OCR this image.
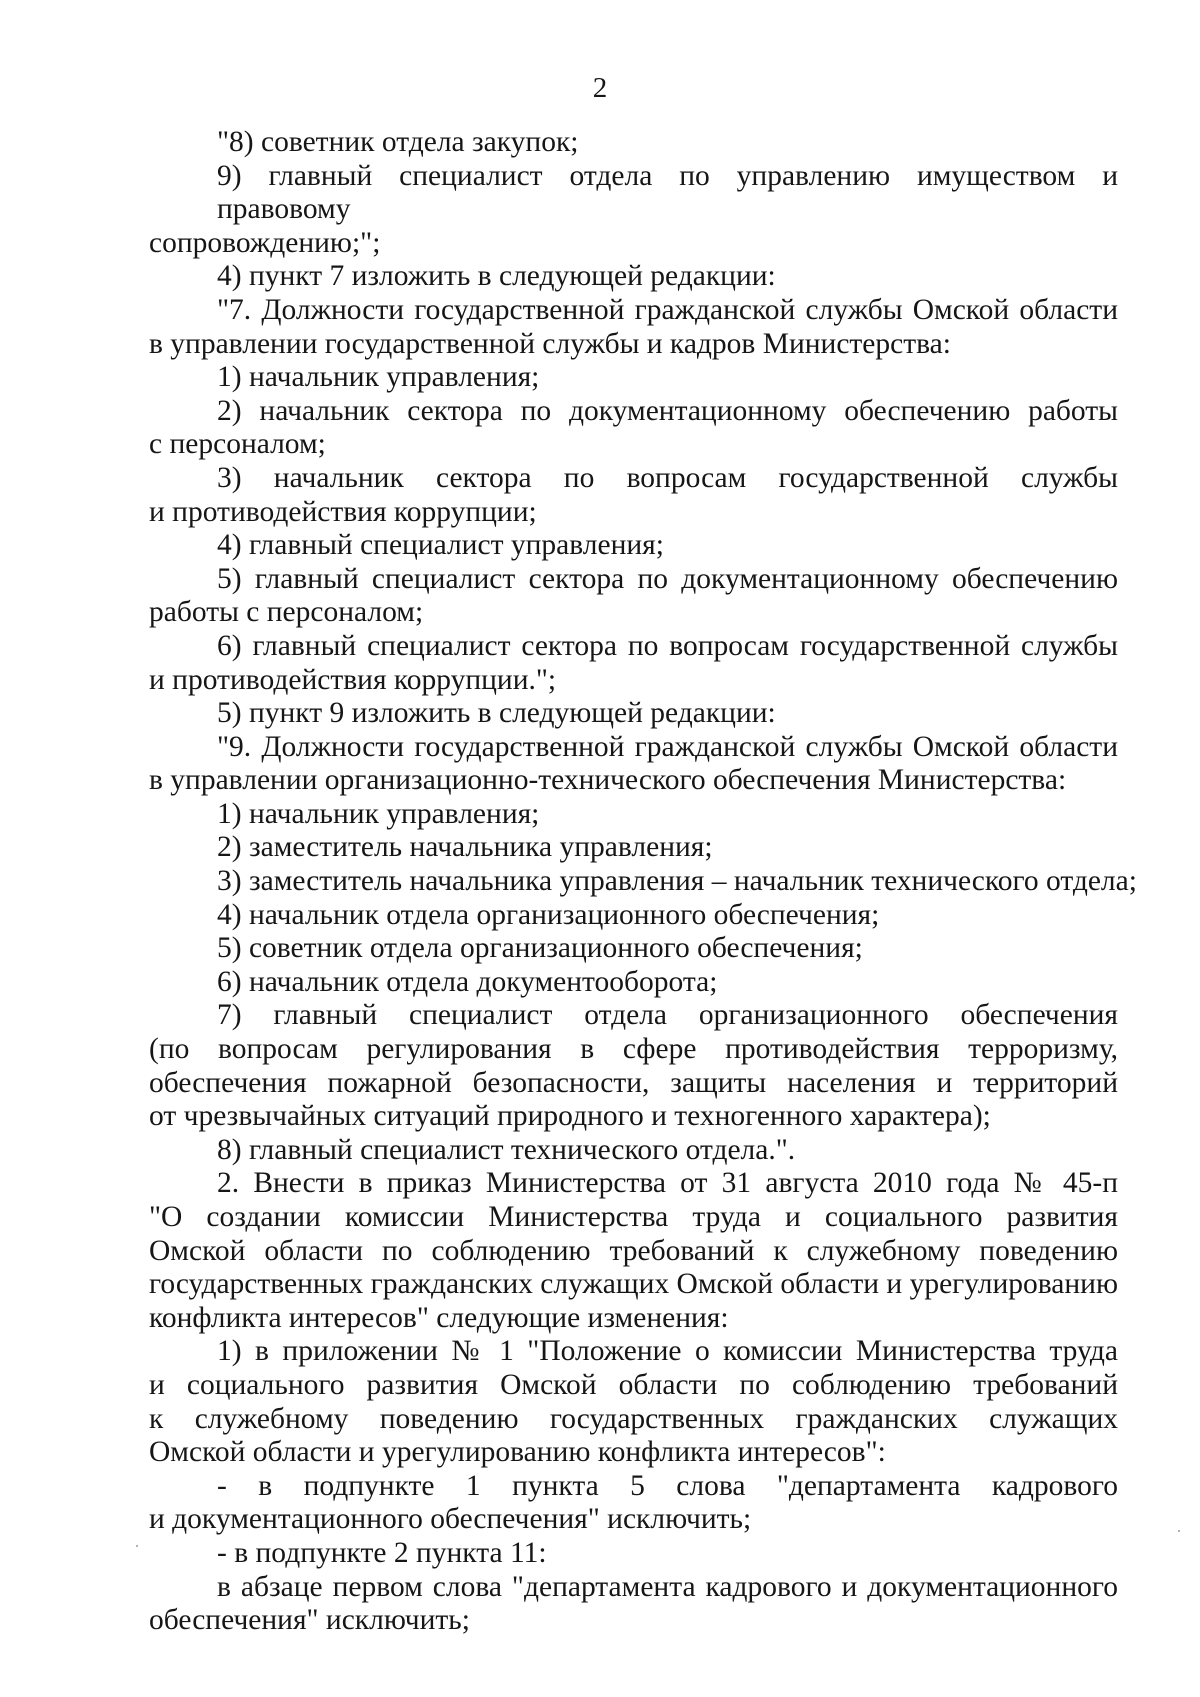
2
"8) советник отдела закупок;
9) главный специалист отдела по управлению имуществом и правовому
сопровождению;";
4) пункт 7 изложить в следующей редакции:
"7. Должности государственной гражданской службы Омской области
в управлении государственной службы и кадров Министерства:
1) начальник управления;
2) начальник сектора по документационному обеспечению работы
с персоналом;
3) начальник сектора по вопросам государственной службы
и противодействия коррупции;
4) главный специалист управления;
5) главный специалист сектора по документационному обеспечению
работы с персоналом;
6) главный специалист сектора по вопросам государственной службы
и противодействия коррупции.";
5) пункт 9 изложить в следующей редакции:
"9. Должности государственной гражданской службы Омской области
в управлении организационно-технического обеспечения Министерства:
1) начальник управления;
2) заместитель начальника управления;
3) заместитель начальника управления – начальник технического отдела;
4) начальник отдела организационного обеспечения;
5) советник отдела организационного обеспечения;
6) начальник отдела документооборота;
7) главный специалист отдела организационного обеспечения
(по вопросам регулирования в сфере противодействия терроризму,
обеспечения пожарной безопасности, защиты населения и территорий
от чрезвычайных ситуаций природного и техногенного характера);
8) главный специалист технического отдела.".
2. Внести в приказ Министерства от 31 августа 2010 года № 45-п
"О создании комиссии Министерства труда и социального развития
Омской области по соблюдению требований к служебному поведению
государственных гражданских служащих Омской области и урегулированию
конфликта интересов" следующие изменения:
1) в приложении № 1 "Положение о комиссии Министерства труда
и социального развития Омской области по соблюдению требований
к служебному поведению государственных гражданских служащих
Омской области и урегулированию конфликта интересов":
- в подпункте 1 пункта 5 слова "департамента кадрового
и документационного обеспечения" исключить;
- в подпункте 2 пункта 11:
в абзаце первом слова "департамента кадрового и документационного
обеспечения" исключить;
